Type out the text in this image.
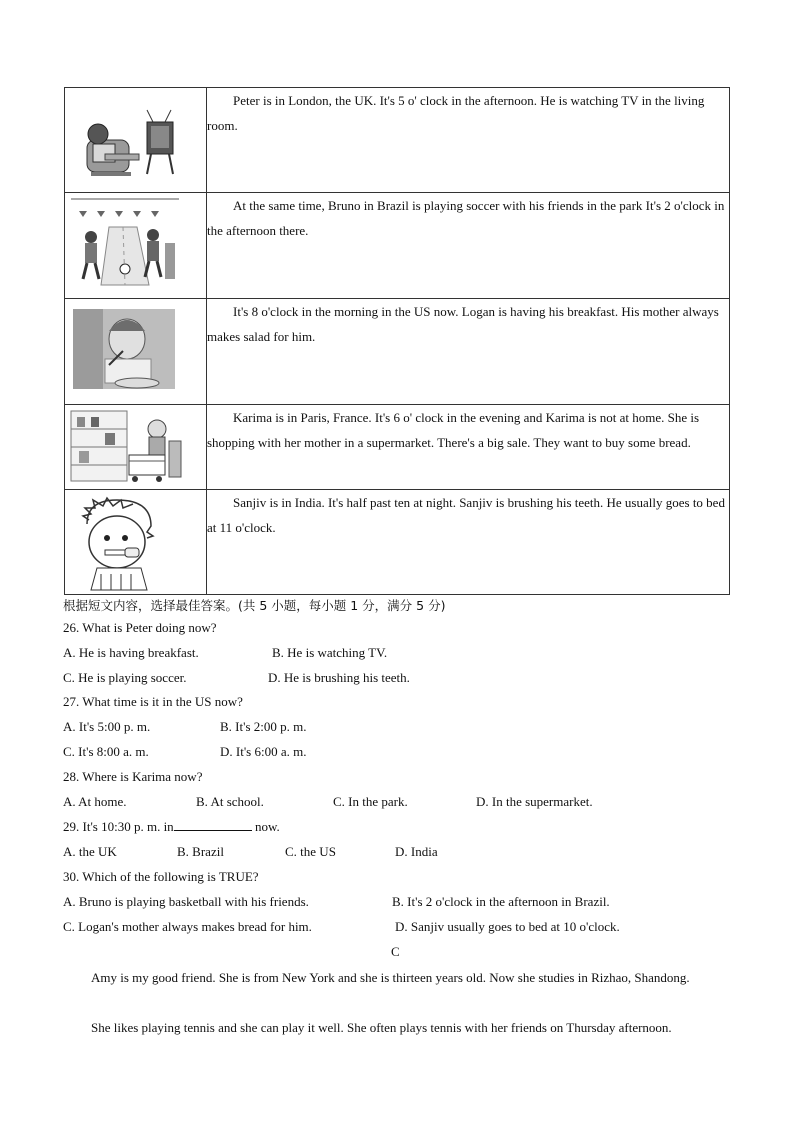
Peter is in London, the UK. It's 5 o' clock in the afternoon. He is watching TV in the living room.

At the same time, Bruno in Brazil is playing soccer with his friends in the park It's 2 o'clock in the afternoon there.

It's 8 o'clock in the morning in the US now. Logan is having his breakfast. His mother always makes salad for him.

Karima is in Paris, France. It's 6 o' clock in the evening and Karima is not at home. She is shopping with her mother in a supermarket. There's a big sale. They want to buy some bread.

Sanjiv is in India. It's half past ten at night. Sanjiv is brushing his teeth. He usually goes to bed at 11 o'clock.
根据短文内容，选择最佳答案。(共 5 小题，每小题 1 分，满分 5 分)
26. What is Peter doing now?
A. He is having breakfast.	B. He is watching TV.
C. He is playing soccer.	D. He is brushing his teeth.
27. What time is it in the US now?
A. It's 5:00 p. m.	B. It's 2:00 p. m.
C. It's 8:00 a. m.	D. It's 6:00 a. m.
28. Where is Karima now?
A. At home.	B. At school.	C. In the park.	D. In the supermarket.
29. It's 10:30 p. m. in	now.
A. the UK	B. Brazil	C. the US	D. India
30. Which of the following is TRUE?
A. Bruno is playing basketball with his friends.	B. It's 2 o'clock in the afternoon in Brazil.
C. Logan's mother always makes bread for him.	D. Sanjiv usually goes to bed at 10 o'clock.
C
Amy is my good friend. She is from New York and she is thirteen years old. Now she studies in Rizhao, Shandong.
She likes playing tennis and she can play it well. She often plays tennis with her friends on Thursday afternoon.
